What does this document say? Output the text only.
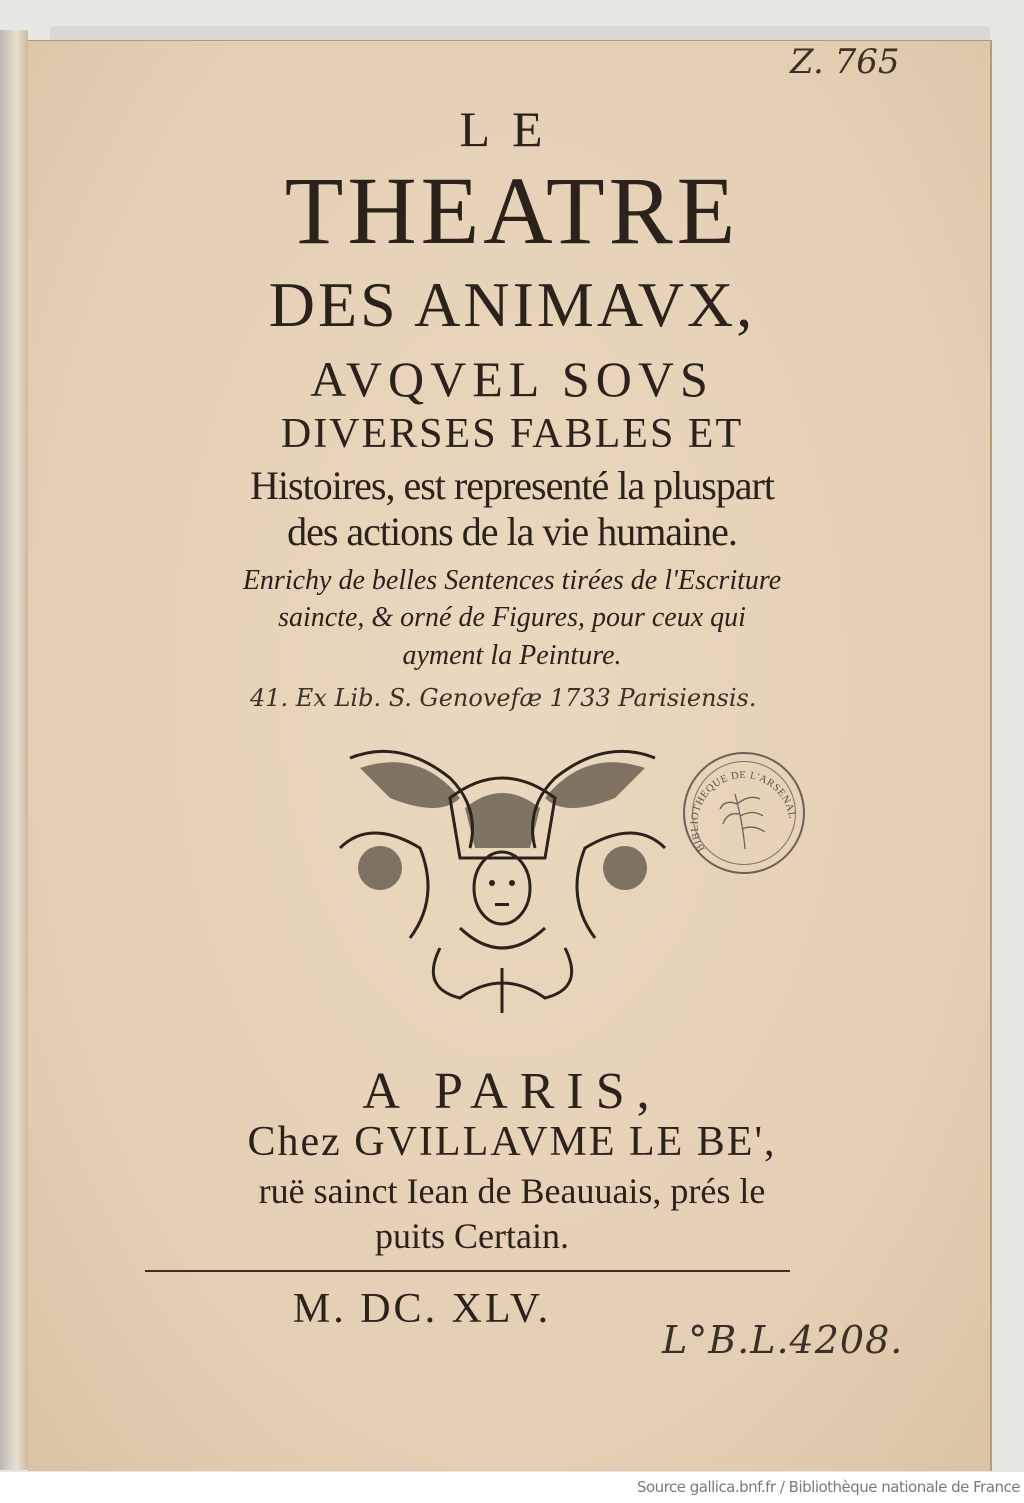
Z. 765
LE
THEATRE
DES ANIMAVX,
AVQVEL SOVS
DIVERSES FABLES ET
Histoires, est representé la pluspart
des actions de la vie humaine.
Enrichy de belles Sentences tirées de l'Escriture
saincte, & orné de Figures, pour ceux qui
ayment la Peinture.
41. Ex Lib. S. Genovefæ 1733 Parisiensis.
BIBLIOTHEQUE DE L'ARSENAL
A PARIS,
Chez GVILLAVME LE BE',
ruë sainct Iean de Beauuais, prés le
puits Certain.
M. DC. XLV.
L°B.L.4208.
Source gallica.bnf.fr / Bibliothèque nationale de France
